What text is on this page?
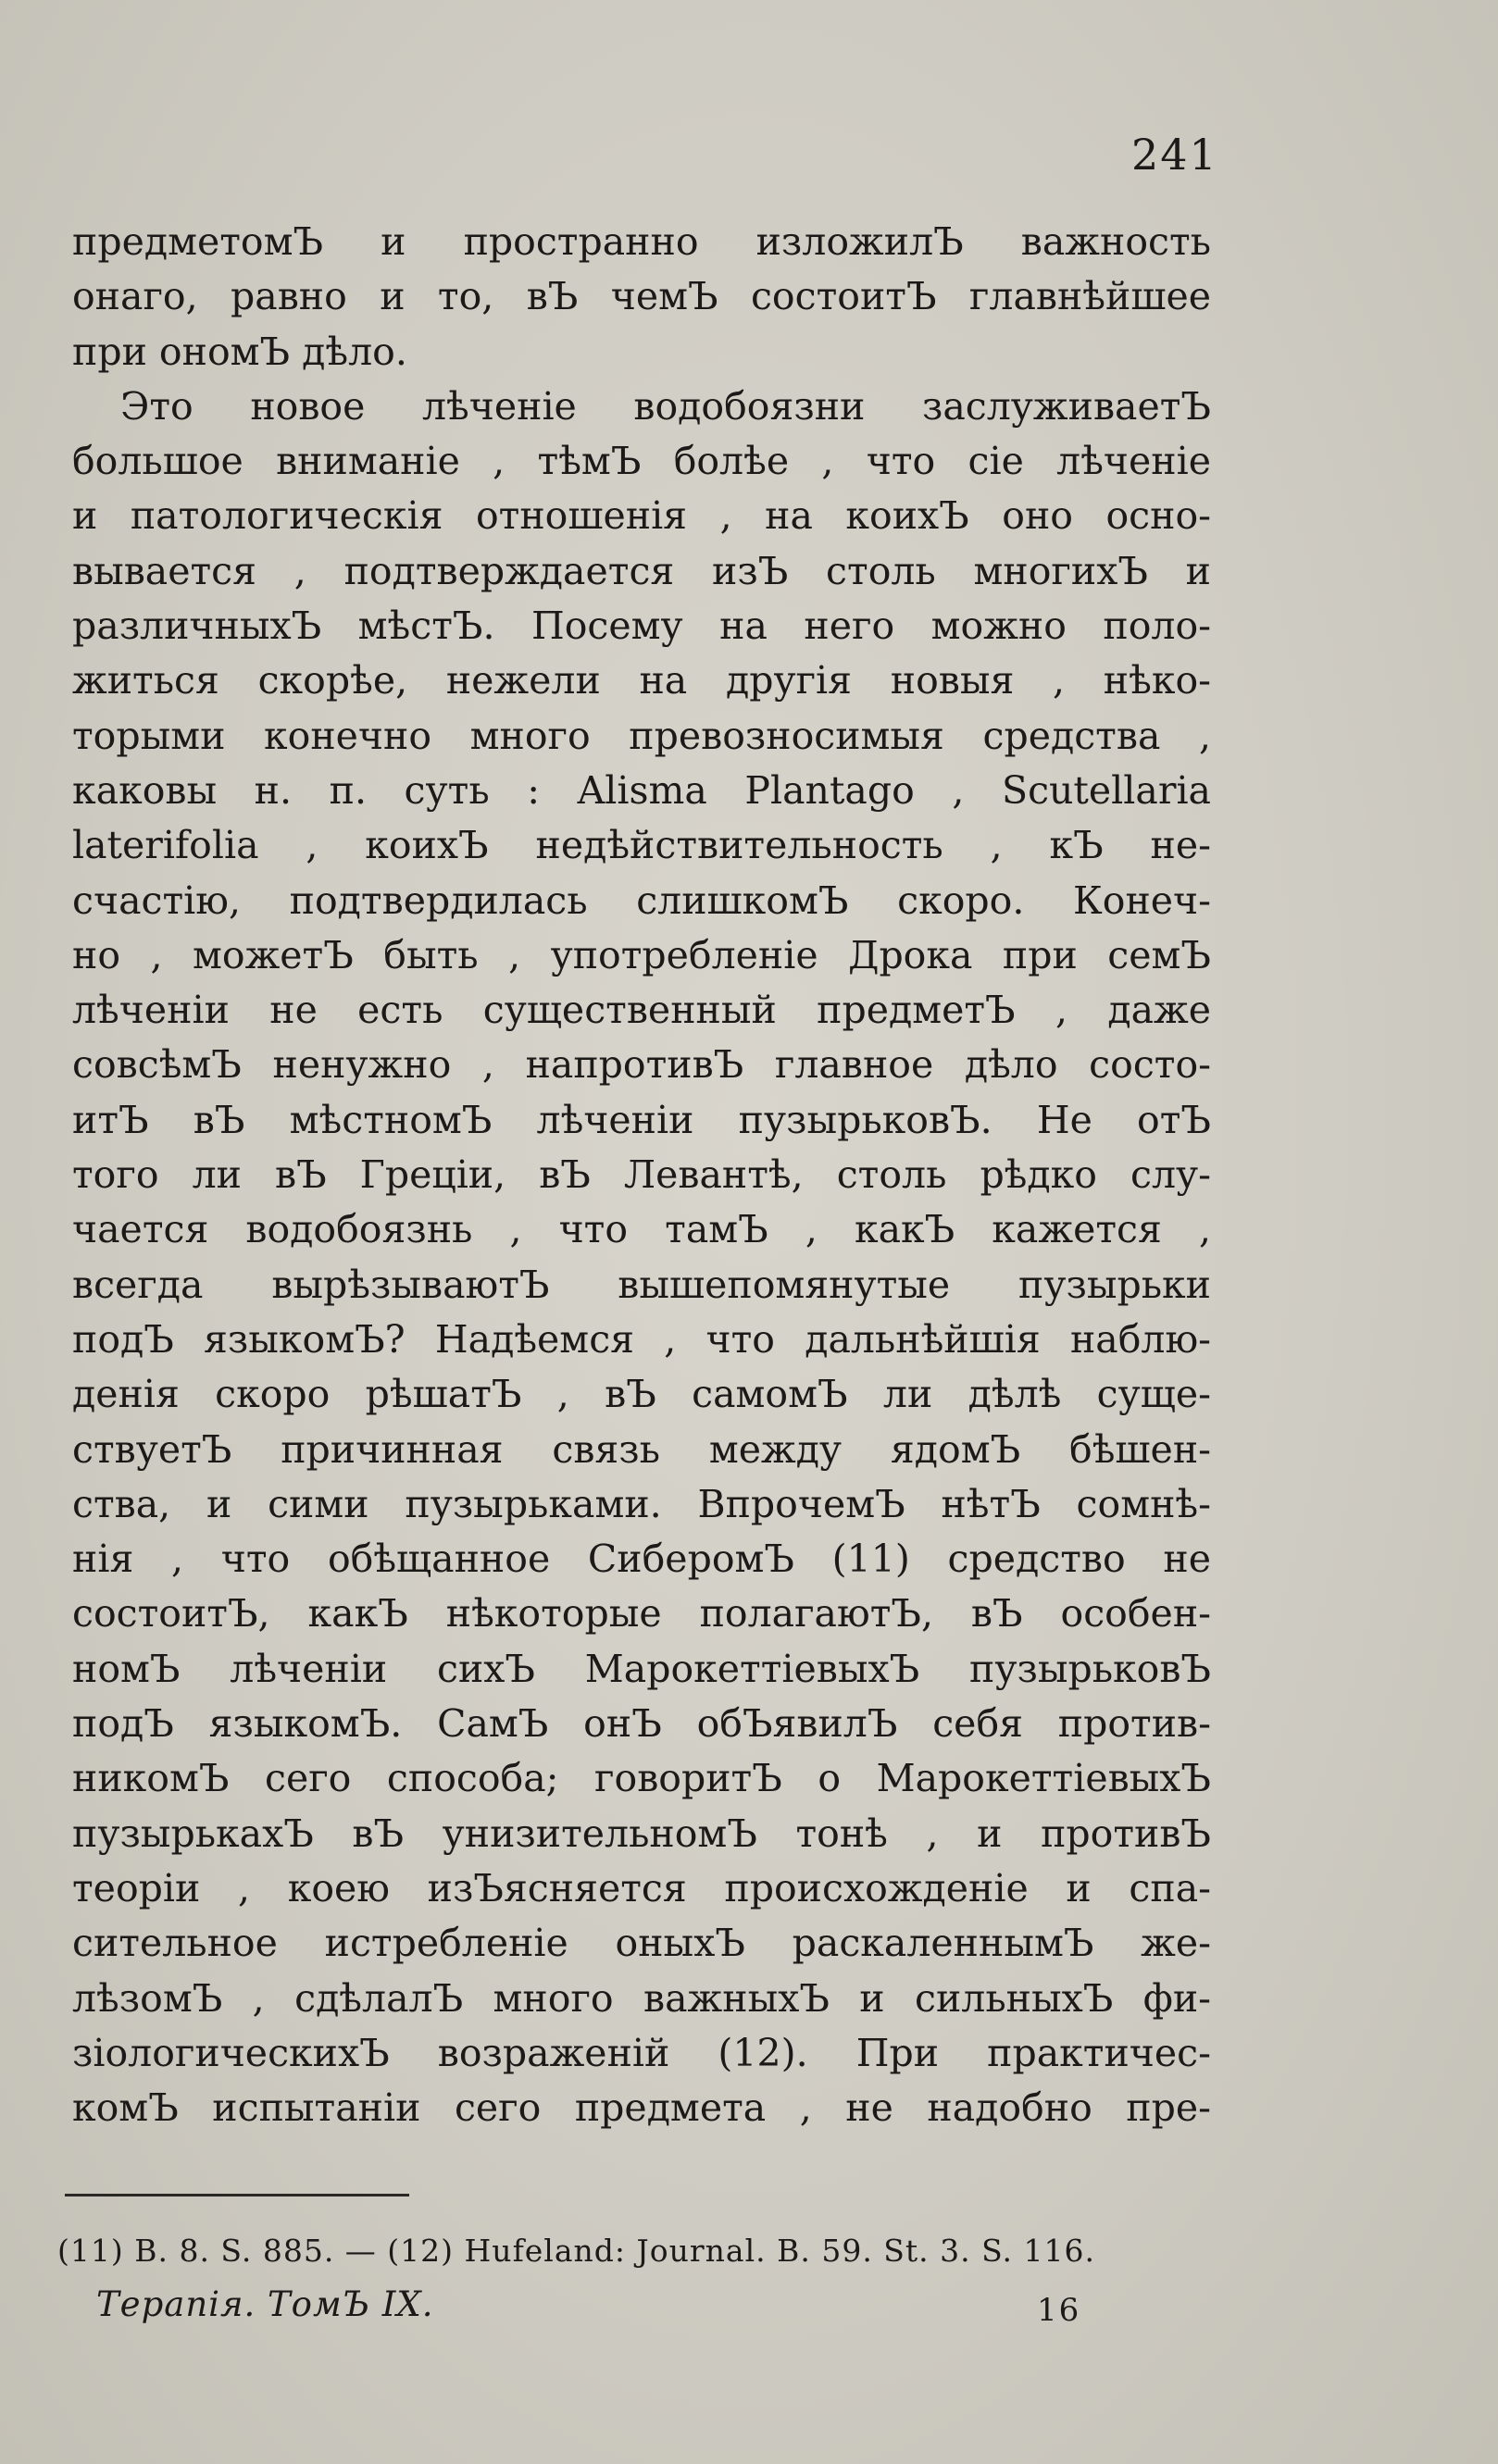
241
предметомЪ и пространно изложилЪ важность
онаго, равно и то, вЪ чемЪ состоитЪ главнѣйшее
при ономЪ дѣло.
Это новое лѣченіе водобоязни заслуживаетЪ
большое вниманіе , тѣмЪ болѣе , что сіе лѣченіе
и патологическія отношенія , на коихЪ оно осно-
вывается , подтверждается изЪ столь многихЪ и
различныхЪ мѣстЪ. Посему на него можно поло-
житься скорѣе, нежели на другія новыя , нѣко-
торыми конечно много превозносимыя средства ,
каковы н. п. суть : Alisma Plantago , Scutellaria
laterifolia , коихЪ недѣйствительность , кЪ не-
счастію, подтвердилась слишкомЪ скоро. Конеч-
но , можетЪ быть , употребленіе Дрока при семЪ
лѣченіи не есть существенный предметЪ , даже
совсѣмЪ ненужно , напротивЪ главное дѣло состо-
итЪ вЪ мѣстномЪ лѣченіи пузырьковЪ. Не отЪ
того ли вЪ Греціи, вЪ Левантѣ, столь рѣдко слу-
чается водобоязнь , что тамЪ , какЪ кажется ,
всегда вырѣзываютЪ вышепомянутые пузырьки
подЪ языкомЪ? Надѣемся , что дальнѣйшія наблю-
денія скоро рѣшатЪ , вЪ самомЪ ли дѣлѣ суще-
ствуетЪ причинная связь между ядомЪ бѣшен-
ства, и сими пузырьками. ВпрочемЪ нѣтЪ сомнѣ-
нія , что обѣщанное СиберомЪ (11) средство не
состоитЪ, какЪ нѣкоторые полагаютЪ, вЪ особен-
номЪ лѣченіи сихЪ МарокеттіевыхЪ пузырьковЪ
подЪ языкомЪ. СамЪ онЪ обЪявилЪ себя против-
никомЪ сего способа; говоритЪ о МарокеттіевыхЪ
пузырькахЪ вЪ унизительномЪ тонѣ , и противЪ
теоріи , коею изЪясняется происхожденіе и спа-
сительное истребленіе оныхЪ раскаленнымЪ же-
лѣзомЪ , сдѣлалЪ много важныхЪ и сильныхЪ фи-
зіологическихЪ возраженій (12). При практичес-
комЪ испытаніи сего предмета , не надобно пре-
(11) B. 8. S. 885. — (12) Hufeland: Journal. B. 59. St. 3. S. 116.
Терапія. ТомЪ IX.	16
